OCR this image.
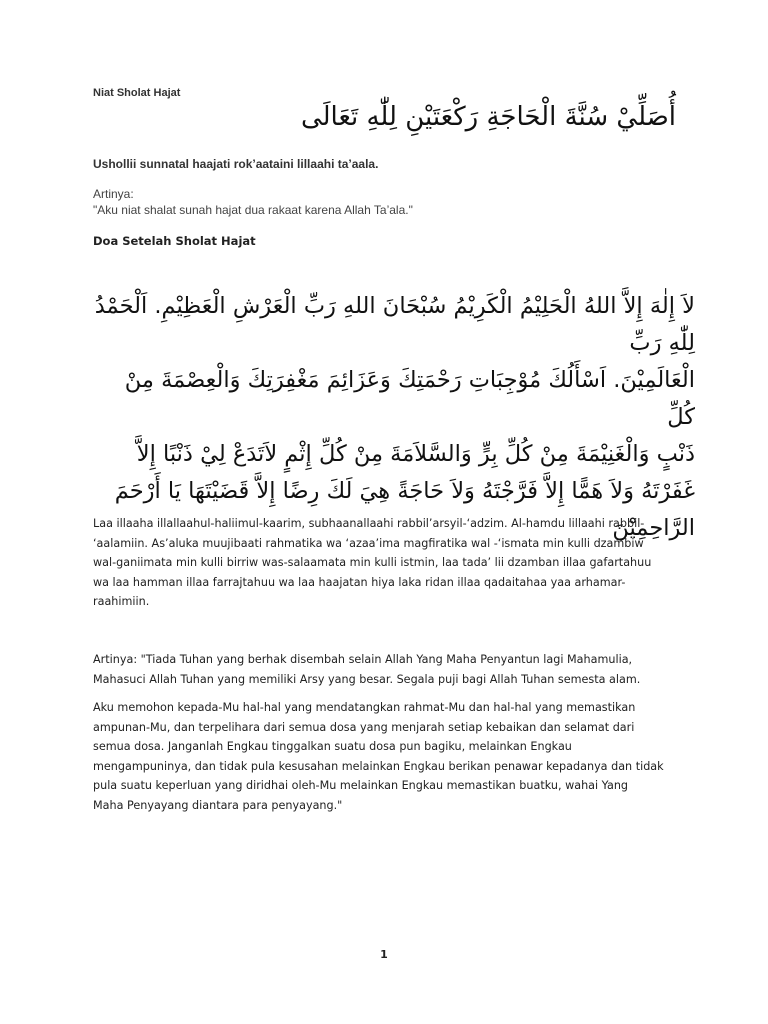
Niat Sholat Hajat
أُصَلِّيْ سُنَّةَ الْحَاجَةِ رَكْعَتَيْنِ لِلّٰهِ تَعَالَى
Ushollii sunnatal haajati rok’aataini lillaahi ta’aala.
Artinya:
"Aku niat shalat sunah hajat dua rakaat karena Allah Ta’ala."
Doa Setelah Sholat Hajat
لاَ إِلٰهَ إِلاَّ اللهُ الْحَلِيْمُ الْكَرِيْمُ سُبْحَانَ اللهِ رَبِّ الْعَرْشِ الْعَظِيْمِ. اَلْحَمْدُ لِلّٰهِ رَبِّ
الْعَالَمِيْنَ. اَسْأَلُكَ مُوْجِبَاتِ رَحْمَتِكَ وَعَزَائِمَ مَغْفِرَتِكَ وَالْعِصْمَةَ مِنْ كُلِّ
ذَنْبٍ وَالْغَنِيْمَةَ مِنْ كُلِّ بِرٍّ وَالسَّلاَمَةَ مِنْ كُلِّ إِثْمٍ لاَتَدَعْ لِيْ ذَنْبًا إِلاَّ
غَفَرْتَهُ وَلاَ هَمًّا إِلاَّ فَرَّجْتَهُ وَلاَ حَاجَةً هِيَ لَكَ رِضًا إِلاَّ قَضَيْتَهَا يَا أَرْحَمَ
الرَّاحِمِيْنَ
Laa illaaha illallaahul-haliimul-kaarim, subhaanallaahi rabbil’arsyil-‘adzim. Al-hamdu lillaahi rabbil-
‘aalamiin. As’aluka muujibaati rahmatika wa ‘azaa’ima magfiratika wal -‘ismata min kulli dzambiw
wal-ganiimata min kulli birriw was-salaamata min kulli istmin, laa tada’ lii dzamban illaa gafartahuu
wa laa hamman illaa farrajtahuu wa laa haajatan hiya laka ridan illaa qadaitahaa yaa arhamar-
raahimiin.
Artinya: "Tiada Tuhan yang berhak disembah selain Allah Yang Maha Penyantun lagi Mahamulia,
Mahasuci Allah Tuhan yang memiliki Arsy yang besar. Segala puji bagi Allah Tuhan semesta alam.
Aku memohon kepada-Mu hal-hal yang mendatangkan rahmat-Mu dan hal-hal yang memastikan
ampunan-Mu, dan terpelihara dari semua dosa yang menjarah setiap kebaikan dan selamat dari
semua dosa. Janganlah Engkau tinggalkan suatu dosa pun bagiku, melainkan Engkau
mengampuninya, dan tidak pula kesusahan melainkan Engkau berikan penawar kepadanya dan tidak
pula suatu keperluan yang diridhai oleh-Mu melainkan Engkau memastikan buatku, wahai Yang
Maha Penyayang diantara para penyayang."
1
